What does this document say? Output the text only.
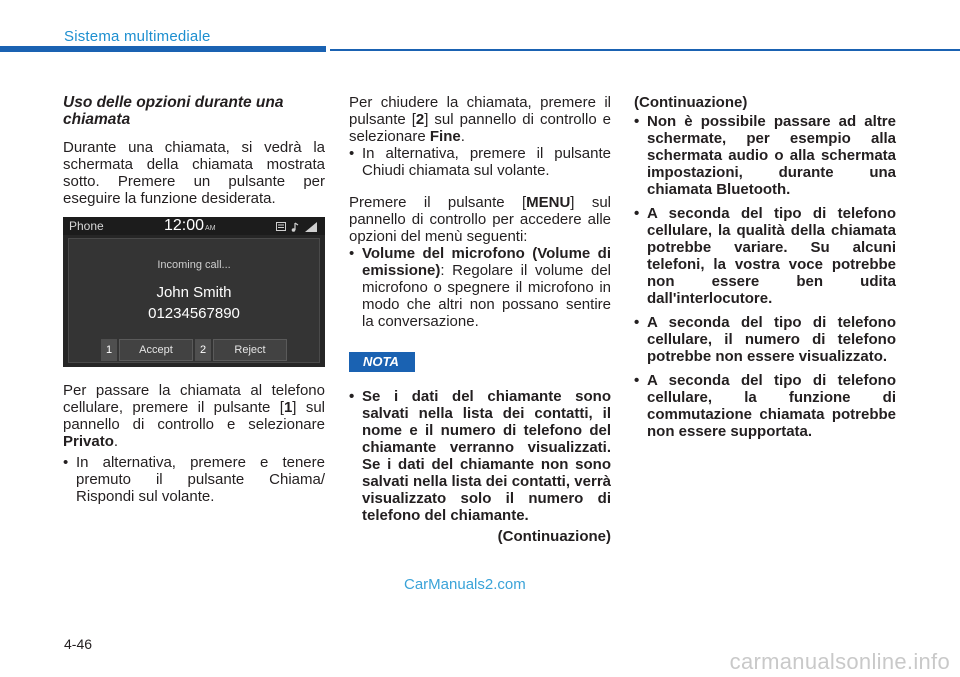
Sistema multimediale
Uso delle opzioni durante una chiamata
Durante una chiamata, si vedrà la schermata della chiamata mostrata sotto. Premere un pulsante per eseguire la funzione desiderata.
Phone	12:00AM

Incoming call...
John Smith
01234567890
1	Accept	2	Reject
Per passare la chiamata al telefono cellulare, premere il pulsante [1] sul pannello di controllo e selezionare Privato.
• In alternativa, premere e tenere premuto il pulsante Chiama/ Rispondi sul volante.
Per chiudere la chiamata, premere il pulsante [2] sul pannello di controllo e selezionare Fine.
• In alternativa, premere il pulsante Chiudi chiamata sul volante.
Premere il pulsante [MENU] sul pannello di controllo per accedere alle opzioni del menù seguenti:
• Volume del microfono (Volume di emissione): Regolare il volume del microfono o spegnere il microfono in modo che altri non possano sentire la conversazione.
NOTA
• Se i dati del chiamante sono salvati nella lista dei contatti, il nome e il numero di telefono del chiamante verranno visualizzati. Se i dati del chiamante non sono salvati nella lista dei contatti, verrà visualizzato solo il numero di telefono del chiamante.
(Continuazione)
(Continuazione)
• Non è possibile passare ad altre schermate, per esempio alla schermata audio o alla schermata impostazioni, durante una chiamata Bluetooth.
• A seconda del tipo di telefono cellulare, la qualità della chiamata potrebbe variare. Su alcuni telefoni, la vostra voce potrebbe non essere ben udita dall'interlocutore.
• A seconda del tipo di telefono cellulare, il numero di telefono potrebbe non essere visualizzato.
• A seconda del tipo di telefono cellulare, la funzione di commutazione chiamata potrebbe non essere supportata.
CarManuals2.com
4-46
carmanualsonline.info
